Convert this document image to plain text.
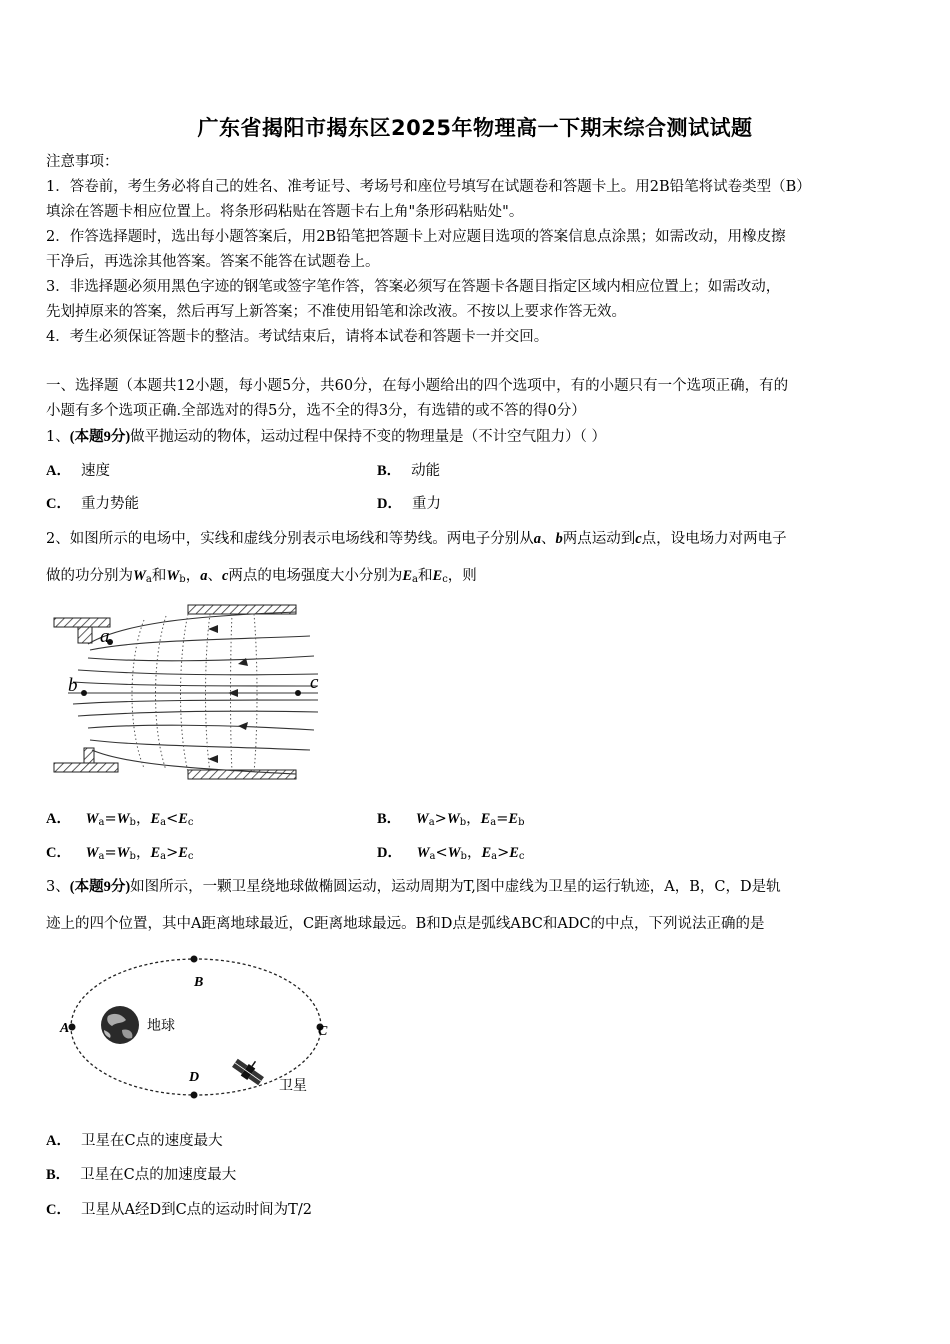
广东省揭阳市揭东区2025年物理高一下期末综合测试试题
注意事项：
1．答卷前，考生务必将自己的姓名、准考证号、考场号和座位号填写在试题卷和答题卡上。用2B铅笔将试卷类型（B）
填涂在答题卡相应位置上。将条形码粘贴在答题卡右上角"条形码粘贴处"。
2．作答选择题时，选出每小题答案后，用2B铅笔把答题卡上对应题目选项的答案信息点涂黑；如需改动，用橡皮擦
干净后，再选涂其他答案。答案不能答在试题卷上。
3．非选择题必须用黑色字迹的钢笔或签字笔作答，答案必须写在答题卡各题目指定区域内相应位置上；如需改动，
先划掉原来的答案，然后再写上新答案；不准使用铅笔和涂改液。不按以上要求作答无效。
4．考生必须保证答题卡的整洁。考试结束后，请将本试卷和答题卡一并交回。
一、选择题（本题共12小题，每小题5分，共60分，在每小题给出的四个选项中，有的小题只有一个选项正确，有的
小题有多个选项正确.全部选对的得5分，选不全的得3分，有选错的或不答的得0分）
1、(本题9分)做平抛运动的物体，运动过程中保持不变的物理量是（不计空气阻力）（ ）
A． 速度	B． 动能
C． 重力势能	D． 重力
2、如图所示的电场中，实线和虚线分别表示电场线和等势线。两电子分别从a、b两点运动到c点，设电场力对两电子
做的功分别为$W_a$和$W_b$，a、c两点的电场强度大小分别为$E_a$和$E_c$，则
a
b	c
A． $W_a=W_b$，$E_a<E_c$	B． $W_a>W_b$，$E_a=E_b$
C． $W_a=W_b$，$E_a>E_c$	D． $W_a<W_b$，$E_a>E_c$
3、(本题9分)如图所示，一颗卫星绕地球做椭圆运动，运动周期为T,图中虚线为卫星的运行轨迹，A，B，C，D是轨
迹上的四个位置，其中A距离地球最近，C距离地球最远。B和D点是弧线ABC和ADC的中点，下列说法正确的是
A
B
C
D
地球
卫星
A． 卫星在C点的速度最大
B． 卫星在C点的加速度最大
C． 卫星从A经D到C点的运动时间为T/2
